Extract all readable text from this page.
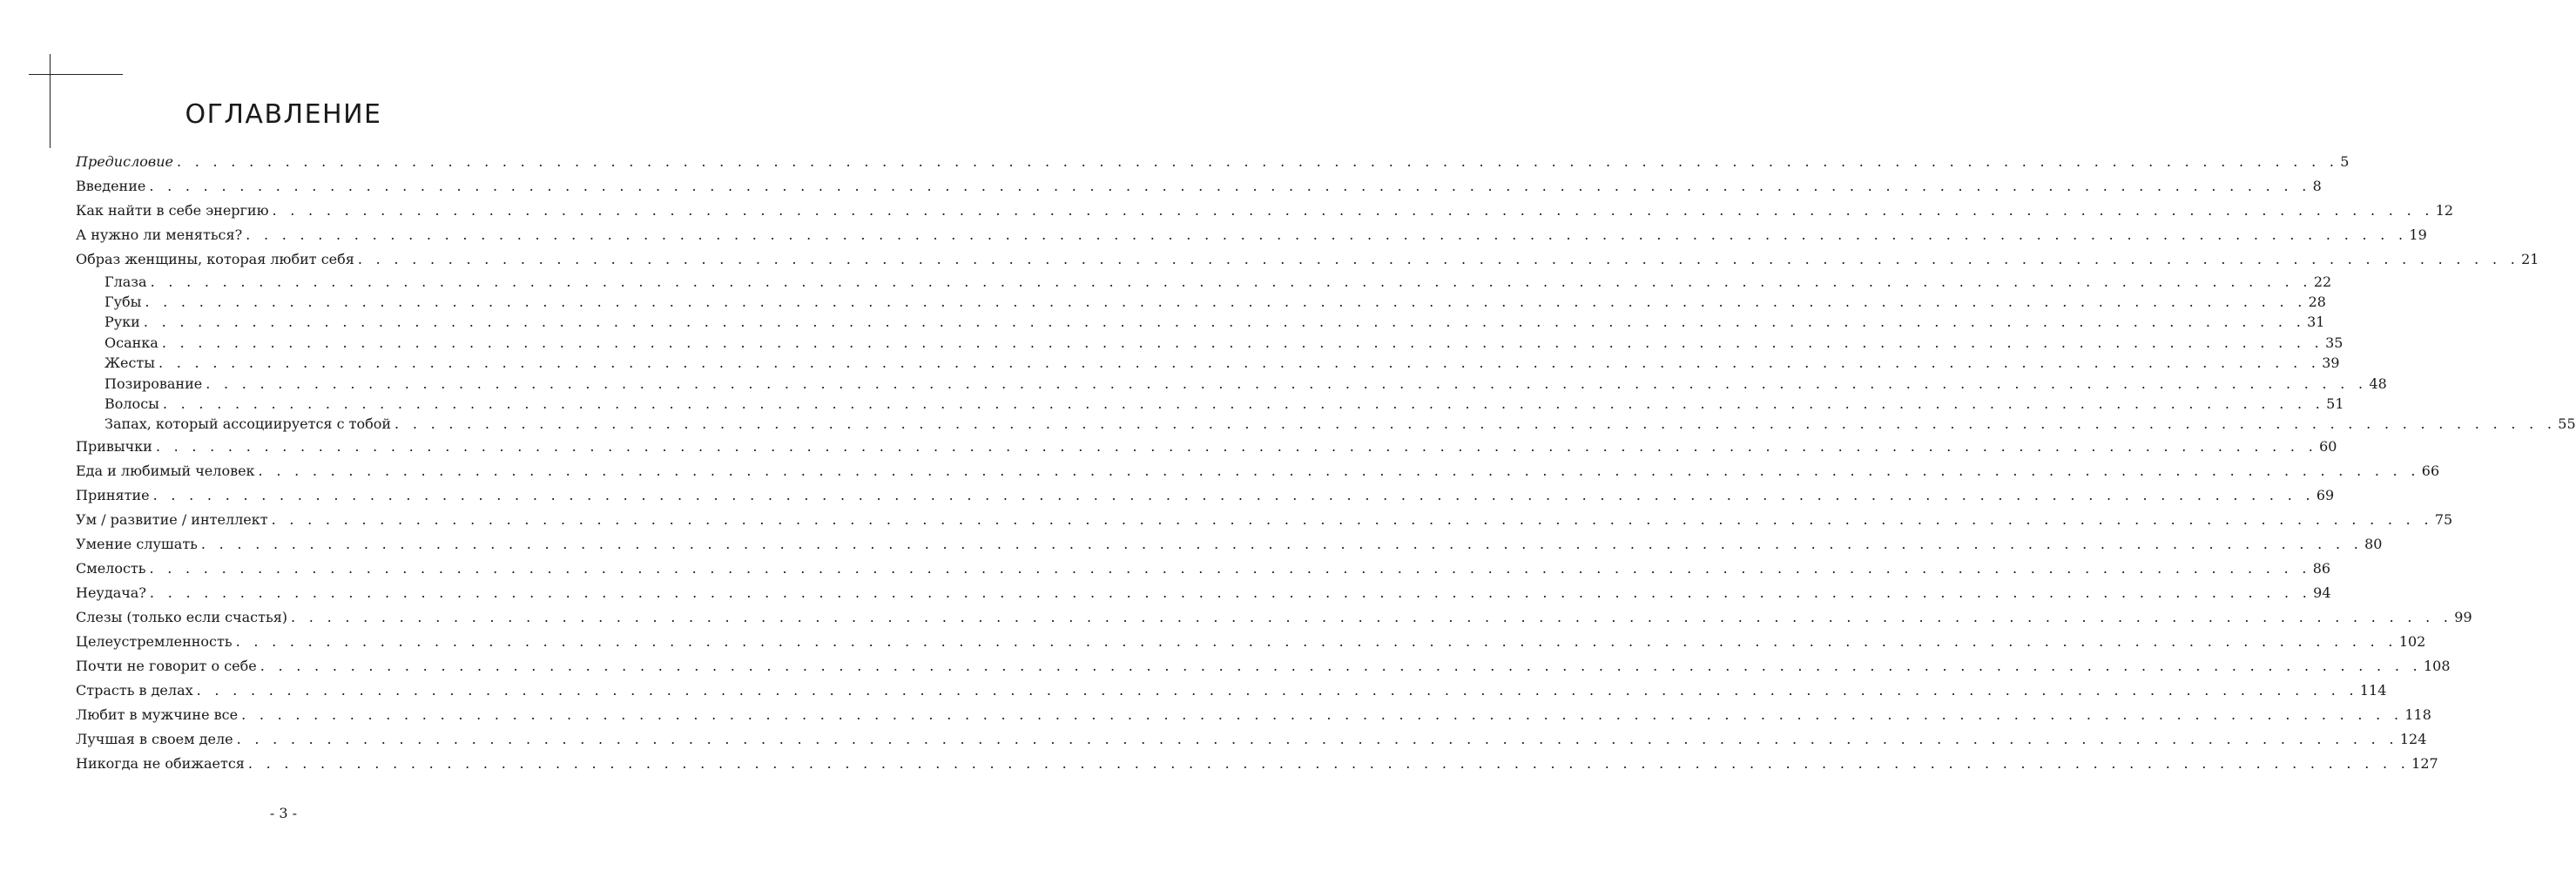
ОГЛАВЛЕНИЕ
Предисловие . . . . . . . . . . . . . . . . . . . . . . . . . . . . . . . . . . . . . . . . . . . . . . . . . . . . . . . . . . . . . . . . . . . . . . . . . . . . . . . . . . . . . . . . . . . . . . . . . . . . . . . . . . . . . . . . . . . . . . . . 5
Введение . . . . . . . . . . . . . . . . . . . . . . . . . . . . . . . . . . . . . . . . . . . . . . . . . . . . . . . . . . . . . . . . . . . . . . . . . . . . . . . . . . . . . . . . . . . . . . . . . . . . . . . . . . . . . . . . . . . . . . . . 8
Как найти в себе энергию . . . . . . . . . . . . . . . . . . . . . . . . . . . . . . . . . . . . . . . . . . . . . . . . . . . . . . . . . . . . . . . . . . . . . . . . . . . . . . . . . . . . . . . . . . . . . . . . . . . . . . . . . . . . . . . . . . . . . . . . 12
А нужно ли меняться? . . . . . . . . . . . . . . . . . . . . . . . . . . . . . . . . . . . . . . . . . . . . . . . . . . . . . . . . . . . . . . . . . . . . . . . . . . . . . . . . . . . . . . . . . . . . . . . . . . . . . . . . . . . . . . . . . . . . . . . . 19
Образ женщины, которая любит себя . . . . . . . . . . . . . . . . . . . . . . . . . . . . . . . . . . . . . . . . . . . . . . . . . . . . . . . . . . . . . . . . . . . . . . . . . . . . . . . . . . . . . . . . . . . . . . . . . . . . . . . . . . . . . . . . . . . . . . . . 21
Глаза . . . . . . . . . . . . . . . . . . . . . . . . . . . . . . . . . . . . . . . . . . . . . . . . . . . . . . . . . . . . . . . . . . . . . . . . . . . . . . . . . . . . . . . . . . . . . . . . . . . . . . . . . . . . . . . . . . . . . . . . 22
Губы . . . . . . . . . . . . . . . . . . . . . . . . . . . . . . . . . . . . . . . . . . . . . . . . . . . . . . . . . . . . . . . . . . . . . . . . . . . . . . . . . . . . . . . . . . . . . . . . . . . . . . . . . . . . . . . . . . . . . . . . 28
Руки . . . . . . . . . . . . . . . . . . . . . . . . . . . . . . . . . . . . . . . . . . . . . . . . . . . . . . . . . . . . . . . . . . . . . . . . . . . . . . . . . . . . . . . . . . . . . . . . . . . . . . . . . . . . . . . . . . . . . . . . 31
Осанка . . . . . . . . . . . . . . . . . . . . . . . . . . . . . . . . . . . . . . . . . . . . . . . . . . . . . . . . . . . . . . . . . . . . . . . . . . . . . . . . . . . . . . . . . . . . . . . . . . . . . . . . . . . . . . . . . . . . . . . . 35
Жесты . . . . . . . . . . . . . . . . . . . . . . . . . . . . . . . . . . . . . . . . . . . . . . . . . . . . . . . . . . . . . . . . . . . . . . . . . . . . . . . . . . . . . . . . . . . . . . . . . . . . . . . . . . . . . . . . . . . . . . . . 39
Позирование . . . . . . . . . . . . . . . . . . . . . . . . . . . . . . . . . . . . . . . . . . . . . . . . . . . . . . . . . . . . . . . . . . . . . . . . . . . . . . . . . . . . . . . . . . . . . . . . . . . . . . . . . . . . . . . . . . . . . . . . 48
Волосы . . . . . . . . . . . . . . . . . . . . . . . . . . . . . . . . . . . . . . . . . . . . . . . . . . . . . . . . . . . . . . . . . . . . . . . . . . . . . . . . . . . . . . . . . . . . . . . . . . . . . . . . . . . . . . . . . . . . . . . . 51
Запах, который ассоциируется с тобой . . . . . . . . . . . . . . . . . . . . . . . . . . . . . . . . . . . . . . . . . . . . . . . . . . . . . . . . . . . . . . . . . . . . . . . . . . . . . . . . . . . . . . . . . . . . . . . . . . . . . . . . . . . . . . . . . . . . . . . . 55
Привычки . . . . . . . . . . . . . . . . . . . . . . . . . . . . . . . . . . . . . . . . . . . . . . . . . . . . . . . . . . . . . . . . . . . . . . . . . . . . . . . . . . . . . . . . . . . . . . . . . . . . . . . . . . . . . . . . . . . . . . . . 60
Еда и любимый человек . . . . . . . . . . . . . . . . . . . . . . . . . . . . . . . . . . . . . . . . . . . . . . . . . . . . . . . . . . . . . . . . . . . . . . . . . . . . . . . . . . . . . . . . . . . . . . . . . . . . . . . . . . . . . . . . . . . . . . . . 66
Принятие . . . . . . . . . . . . . . . . . . . . . . . . . . . . . . . . . . . . . . . . . . . . . . . . . . . . . . . . . . . . . . . . . . . . . . . . . . . . . . . . . . . . . . . . . . . . . . . . . . . . . . . . . . . . . . . . . . . . . . . . 69
Ум / развитие / интеллект . . . . . . . . . . . . . . . . . . . . . . . . . . . . . . . . . . . . . . . . . . . . . . . . . . . . . . . . . . . . . . . . . . . . . . . . . . . . . . . . . . . . . . . . . . . . . . . . . . . . . . . . . . . . . . . . . . . . . . . . 75
Умение слушать . . . . . . . . . . . . . . . . . . . . . . . . . . . . . . . . . . . . . . . . . . . . . . . . . . . . . . . . . . . . . . . . . . . . . . . . . . . . . . . . . . . . . . . . . . . . . . . . . . . . . . . . . . . . . . . . . . . . . . . . 80
Смелость . . . . . . . . . . . . . . . . . . . . . . . . . . . . . . . . . . . . . . . . . . . . . . . . . . . . . . . . . . . . . . . . . . . . . . . . . . . . . . . . . . . . . . . . . . . . . . . . . . . . . . . . . . . . . . . . . . . . . . . . 86
Неудача? . . . . . . . . . . . . . . . . . . . . . . . . . . . . . . . . . . . . . . . . . . . . . . . . . . . . . . . . . . . . . . . . . . . . . . . . . . . . . . . . . . . . . . . . . . . . . . . . . . . . . . . . . . . . . . . . . . . . . . . . 94
Слезы (только если счастья) . . . . . . . . . . . . . . . . . . . . . . . . . . . . . . . . . . . . . . . . . . . . . . . . . . . . . . . . . . . . . . . . . . . . . . . . . . . . . . . . . . . . . . . . . . . . . . . . . . . . . . . . . . . . . . . . . . . . . . . . 99
Целеустремленность . . . . . . . . . . . . . . . . . . . . . . . . . . . . . . . . . . . . . . . . . . . . . . . . . . . . . . . . . . . . . . . . . . . . . . . . . . . . . . . . . . . . . . . . . . . . . . . . . . . . . . . . . . . . . . . . . . . . . . . . 102
Почти не говорит о себе . . . . . . . . . . . . . . . . . . . . . . . . . . . . . . . . . . . . . . . . . . . . . . . . . . . . . . . . . . . . . . . . . . . . . . . . . . . . . . . . . . . . . . . . . . . . . . . . . . . . . . . . . . . . . . . . . . . . . . . . 108
Страсть в делах . . . . . . . . . . . . . . . . . . . . . . . . . . . . . . . . . . . . . . . . . . . . . . . . . . . . . . . . . . . . . . . . . . . . . . . . . . . . . . . . . . . . . . . . . . . . . . . . . . . . . . . . . . . . . . . . . . . . . . . . 114
Любит в мужчине все . . . . . . . . . . . . . . . . . . . . . . . . . . . . . . . . . . . . . . . . . . . . . . . . . . . . . . . . . . . . . . . . . . . . . . . . . . . . . . . . . . . . . . . . . . . . . . . . . . . . . . . . . . . . . . . . . . . . . . . . 118
Лучшая в своем деле . . . . . . . . . . . . . . . . . . . . . . . . . . . . . . . . . . . . . . . . . . . . . . . . . . . . . . . . . . . . . . . . . . . . . . . . . . . . . . . . . . . . . . . . . . . . . . . . . . . . . . . . . . . . . . . . . . . . . . . . 124
Никогда не обижается . . . . . . . . . . . . . . . . . . . . . . . . . . . . . . . . . . . . . . . . . . . . . . . . . . . . . . . . . . . . . . . . . . . . . . . . . . . . . . . . . . . . . . . . . . . . . . . . . . . . . . . . . . . . . . . . . . . . . . . . 127
- 3 -
